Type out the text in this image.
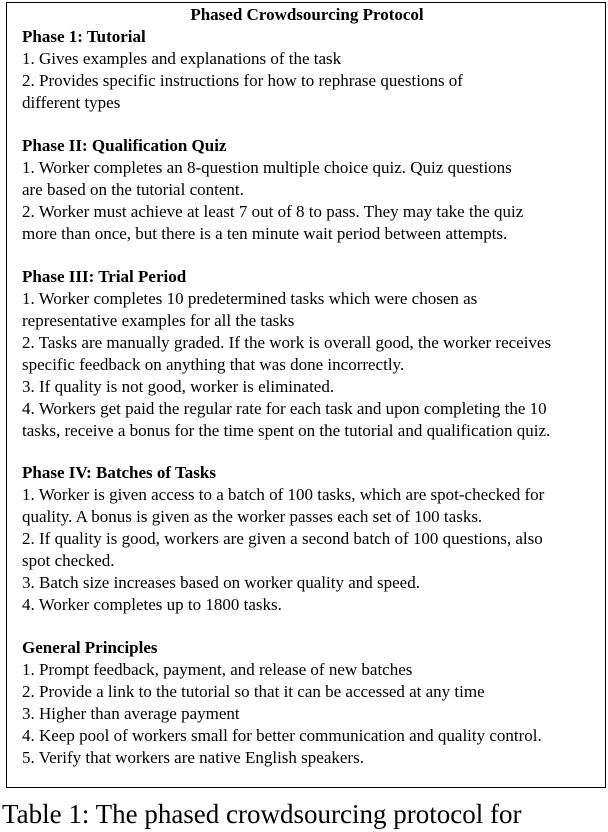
Phased Crowdsourcing Protocol
Phase 1: Tutorial
1. Gives examples and explanations of the task
2. Provides specific instructions for how to rephrase questions of
different types
Phase II: Qualification Quiz
1. Worker completes an 8-question multiple choice quiz. Quiz questions
are based on the tutorial content.
2. Worker must achieve at least 7 out of 8 to pass. They may take the quiz
more than once, but there is a ten minute wait period between attempts.
Phase III: Trial Period
1. Worker completes 10 predetermined tasks which were chosen as
representative examples for all the tasks
2. Tasks are manually graded. If the work is overall good, the worker receives
specific feedback on anything that was done incorrectly.
3. If quality is not good, worker is eliminated.
4. Workers get paid the regular rate for each task and upon completing the 10
tasks, receive a bonus for the time spent on the tutorial and qualification quiz.
Phase IV: Batches of Tasks
1. Worker is given access to a batch of 100 tasks, which are spot-checked for
quality. A bonus is given as the worker passes each set of 100 tasks.
2. If quality is good, workers are given a second batch of 100 questions, also
spot checked.
3. Batch size increases based on worker quality and speed.
4. Worker completes up to 1800 tasks.
General Principles
1. Prompt feedback, payment, and release of new batches
2. Provide a link to the tutorial so that it can be accessed at any time
3. Higher than average payment
4. Keep pool of workers small for better communication and quality control.
5. Verify that workers are native English speakers.
Table 1: The phased crowdsourcing protocol for
